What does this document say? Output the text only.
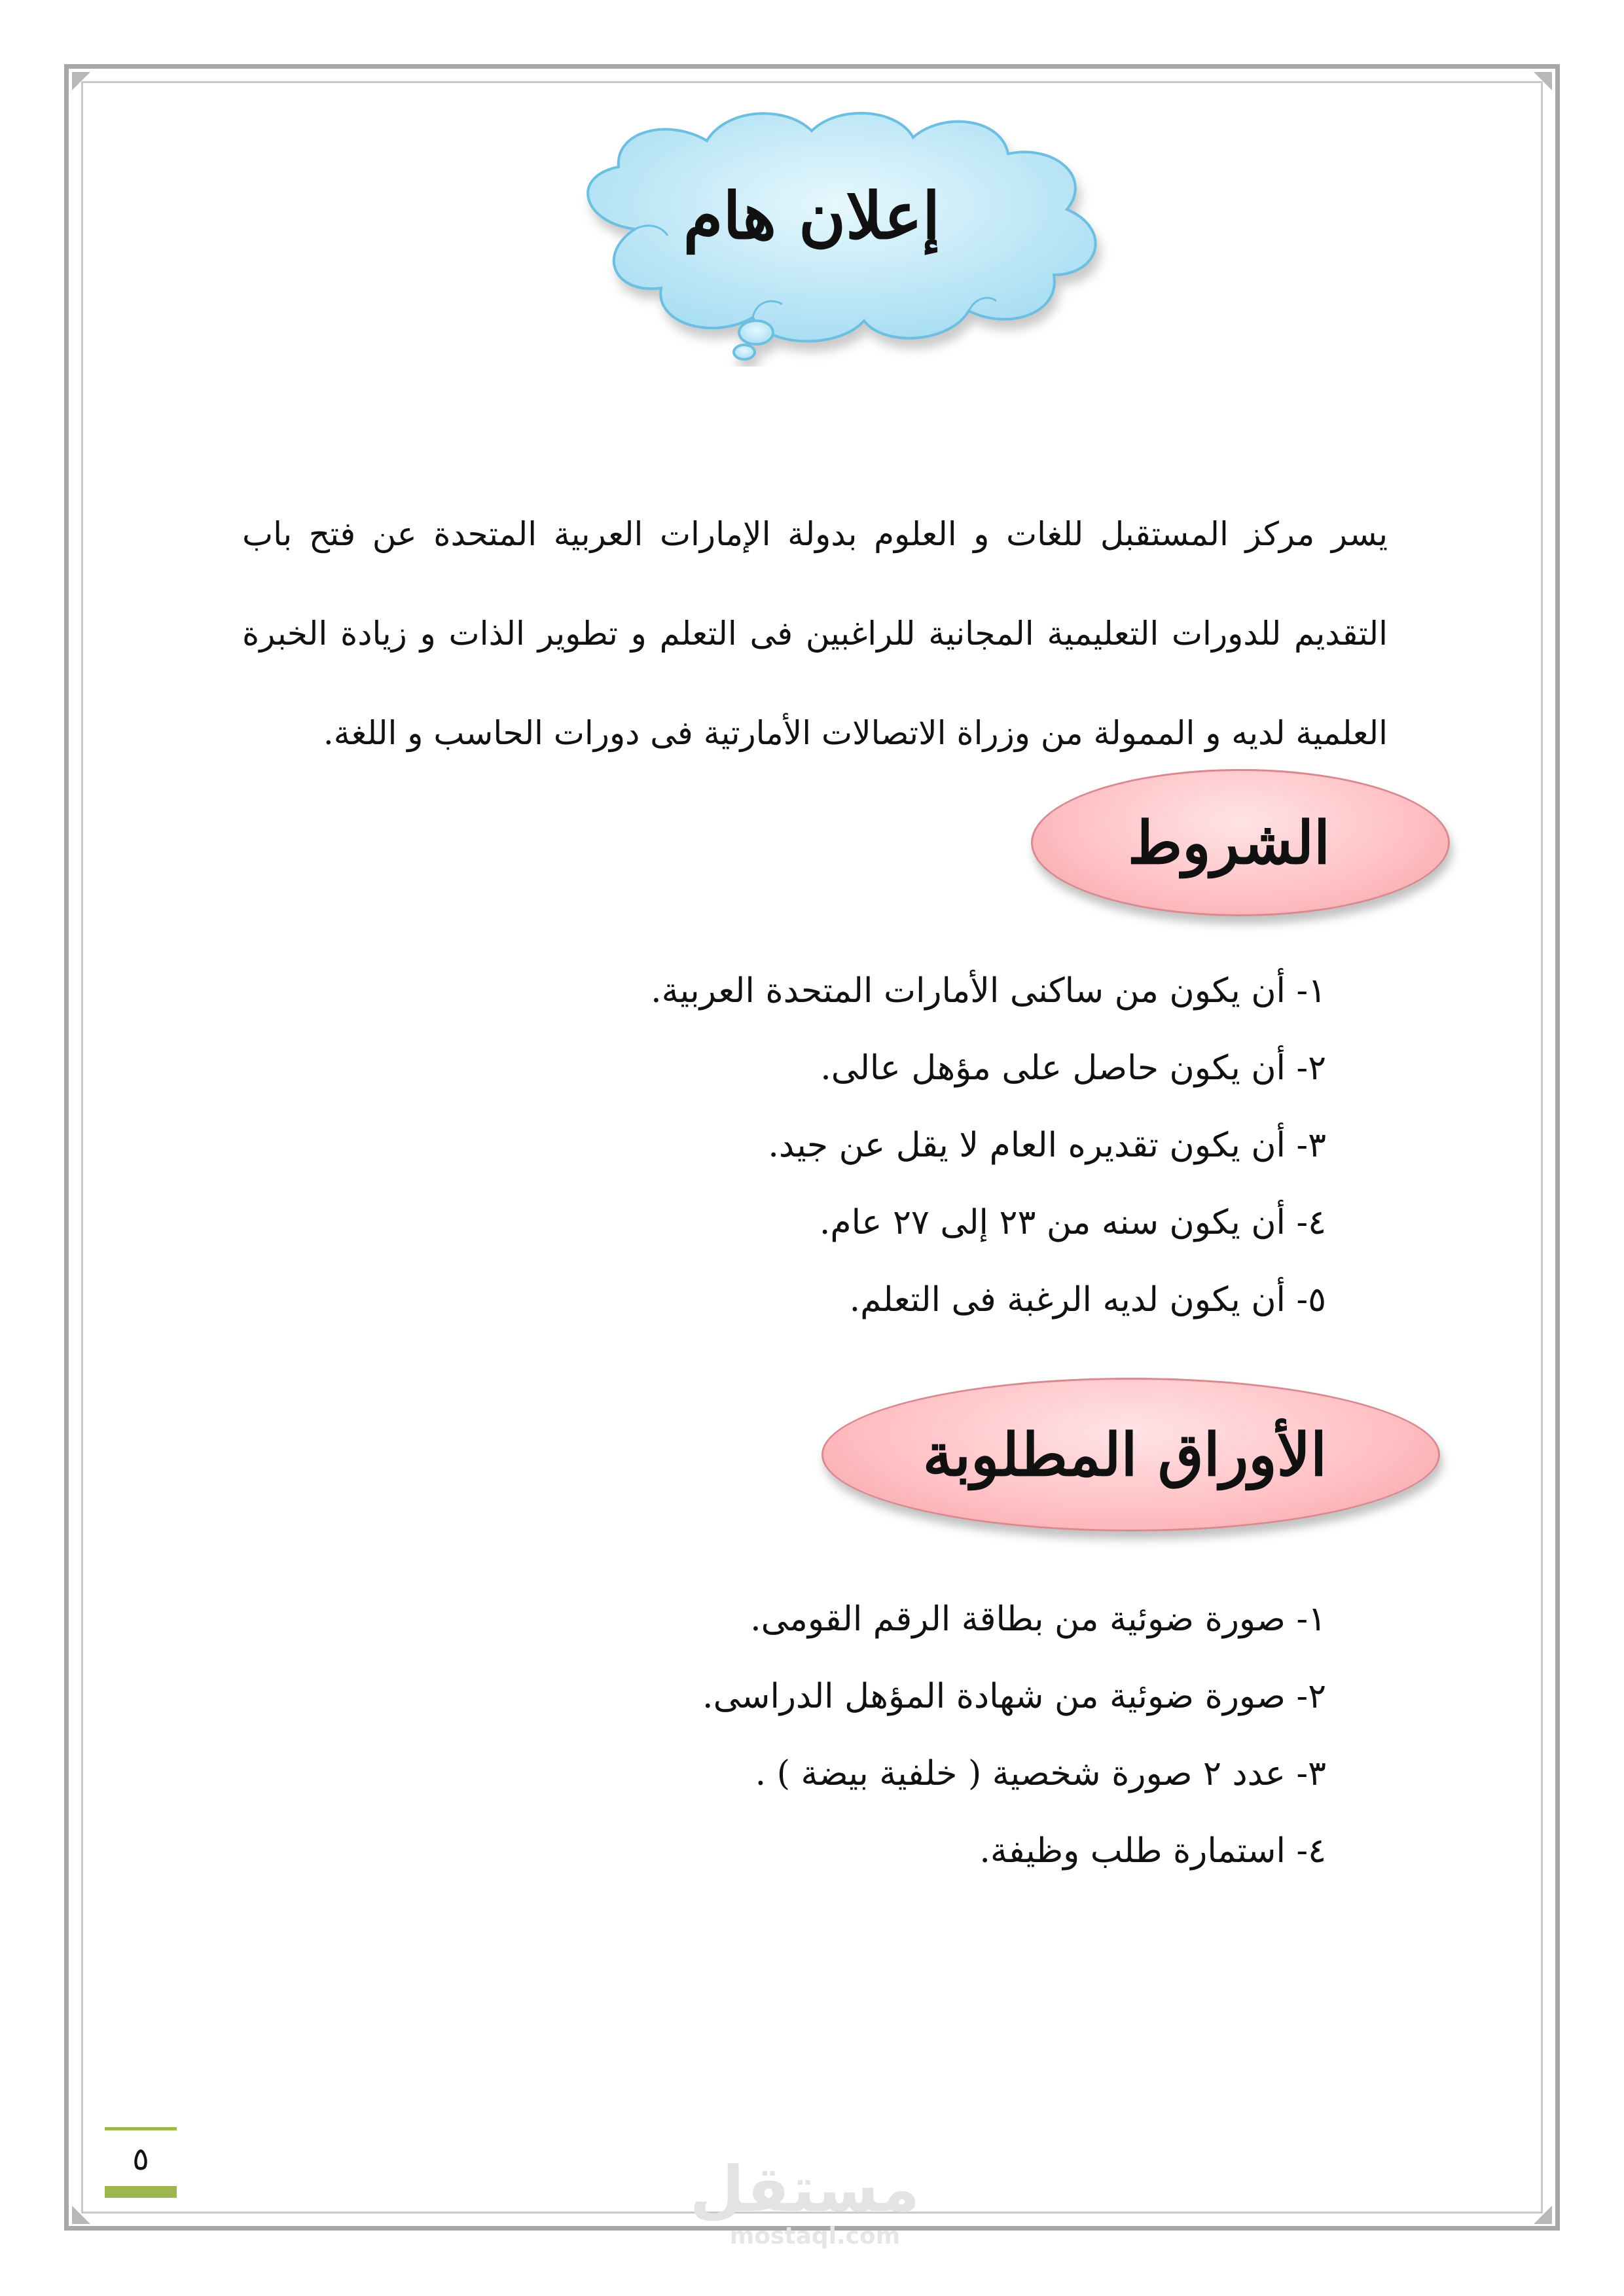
إعلان هام

يسر مركز المستقبل للغات و العلوم بدولة الإمارات العربية المتحدة عن فتح باب التقديم للدورات التعليمية المجانية للراغبين فى التعلم و تطوير الذات و زيادة الخبرة العلمية لديه و الممولة من وزراة الاتصالات الأمارتية فى دورات الحاسب و اللغة.

الشروط
١- أن يكون من ساكنى الأمارات المتحدة العربية.
٢- أن يكون حاصل على مؤهل عالى.
٣- أن يكون تقديره العام لا يقل عن جيد.
٤- أن يكون سنه من ٢٣ إلى ٢٧ عام.
٥- أن يكون لديه الرغبة فى التعلم.
الأوراق المطلوبة
١- صورة ضوئية من بطاقة الرقم القومى.
٢- صورة ضوئية من شهادة المؤهل الدراسى.
٣- عدد ٢ صورة شخصية ( خلفية بيضة ) .
٤- استمارة طلب وظيفة.
٥	مستقل
mostaql.com
